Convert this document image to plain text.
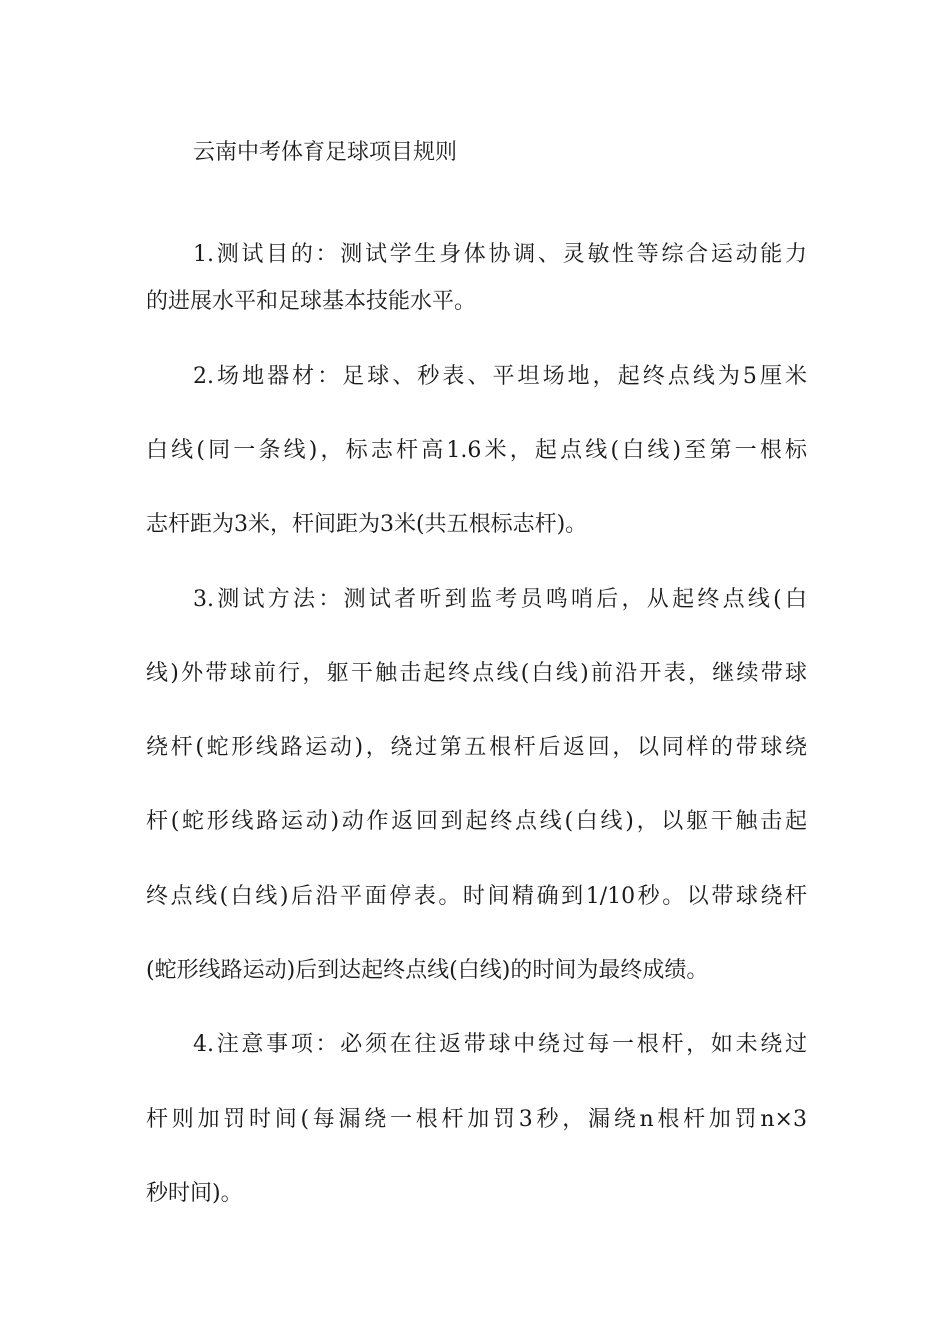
云南中考体育足球项目规则
1.测试目的：测试学生身体协调、灵敏性等综合运动能力
的进展水平和足球基本技能水平。
2.场地器材：足球、秒表、平坦场地，起终点线为5厘米
白线(同一条线)，标志杆高1.6米，起点线(白线)至第一根标
志杆距为3米，杆间距为3米(共五根标志杆)。
3.测试方法：测试者听到监考员鸣哨后，从起终点线(白
线)外带球前行，躯干触击起终点线(白线)前沿开表，继续带球
绕杆(蛇形线路运动)，绕过第五根杆后返回，以同样的带球绕
杆(蛇形线路运动)动作返回到起终点线(白线)，以躯干触击起
终点线(白线)后沿平面停表。时间精确到1/10秒。以带球绕杆
(蛇形线路运动)后到达起终点线(白线)的时间为最终成绩。
4.注意事项：必须在往返带球中绕过每一根杆，如未绕过
杆则加罚时间(每漏绕一根杆加罚3秒，漏绕n根杆加罚n×3
秒时间)。
